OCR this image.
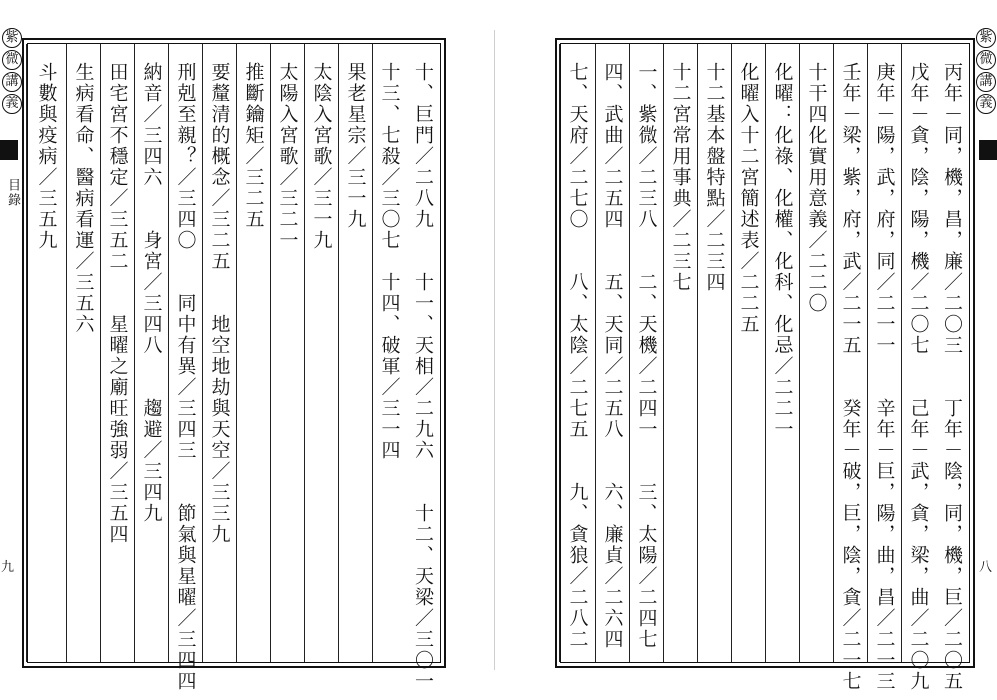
紫
微
講
義
目錄
九	十、巨門／二八九　　十一、天相／二九六　　十二、天梁／三〇一
十三、七殺／三〇七　十四、破軍／三一四
果老星宗／三一九
太陰入宮歌／三一九
太陽入宮歌／三二一
推斷鑰矩／三二五
要釐清的概念／三二五　　地空地劫與天空／三三九
刑剋至親？／三四〇　　同中有異／三四三　　節氣與星曜／三四四
納音／三四六　　身宮／三四八　　趨避／三四九
田宅宮不穩定／三五二　　星曜之廟旺強弱／三五四
生病看命、醫病看運／三五六
斗數與疫病／三五九	丙年－同，機，昌，廉／二〇三　　丁年－陰，同，機，巨／二〇五
戊年－貪，陰，陽，機／二〇七　　己年－武，貪，梁，曲／二〇九
庚年－陽，武，府，同／二一一　　辛年－巨，陽，曲，昌／二一三
壬年－梁，紫，府，武／二一五　　癸年－破，巨，陰，貪／二一七
十干四化實用意義／二二〇
化曜：化祿、化權、化科、化忌／二二一
化曜入十二宮簡述表／二二五
十二基本盤特點／二三四
十二宮常用事典／二三七
一、紫微／二三八　　二、天機／二四一　　三、太陽／二四七
四、武曲／二五四　　五、天同／二五八　　六、廉貞／二六四
七、天府／二七〇　　八、太陰／二七五　　九、貪狼／二八二
紫
微
講
義
八
